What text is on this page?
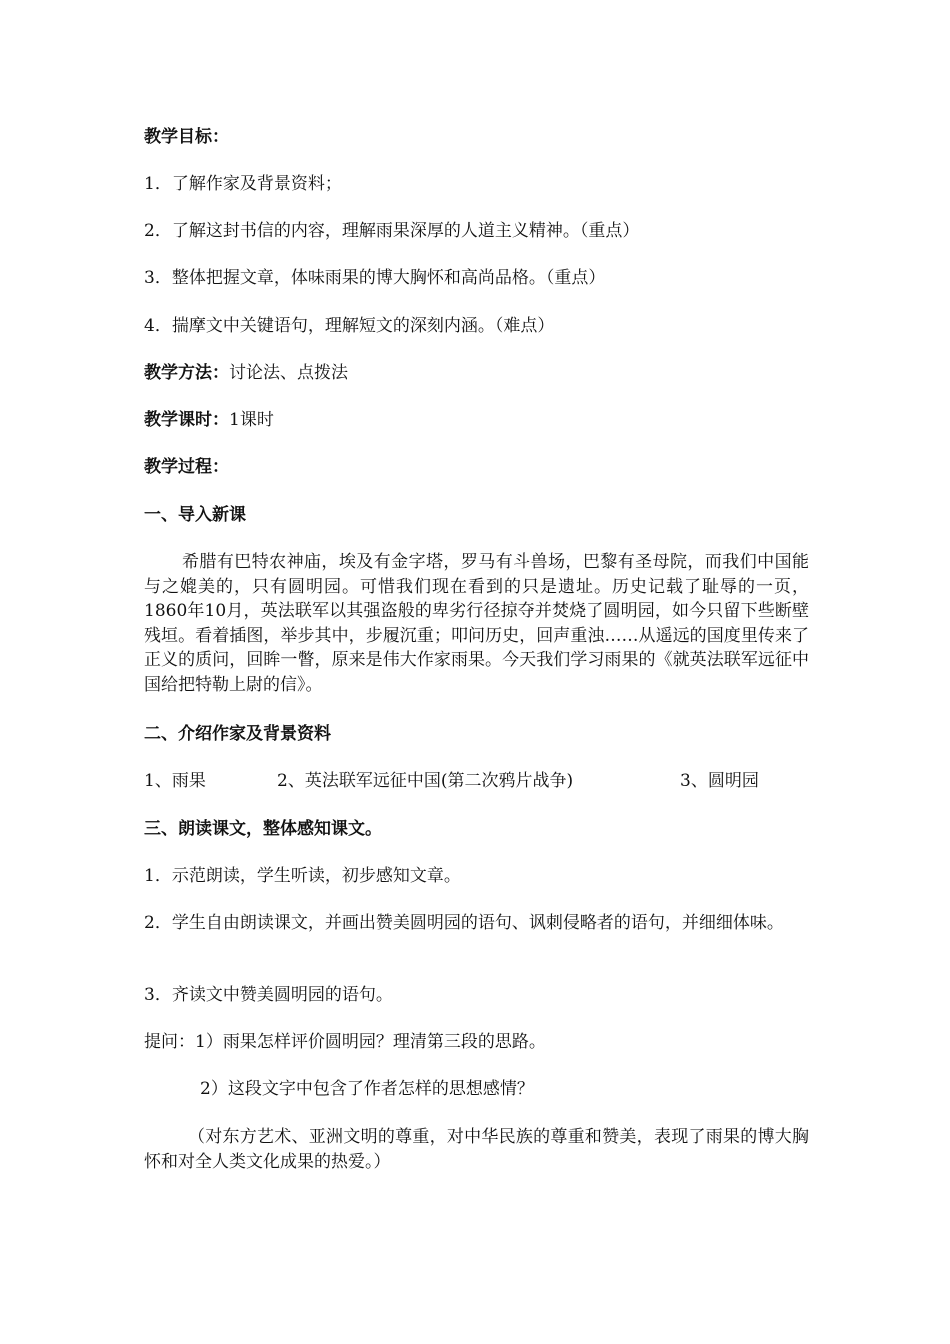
教学目标：
1．了解作家及背景资料；
2．了解这封书信的内容，理解雨果深厚的人道主义精神。（重点）
3．整体把握文章，体味雨果的博大胸怀和高尚品格。（重点）
4．揣摩文中关键语句，理解短文的深刻内涵。（难点）
教学方法：讨论法、点拨法
教学课时：1课时
教学过程：
一、导入新课
希腊有巴特农神庙，埃及有金字塔，罗马有斗兽场，巴黎有圣母院，而我们中国能与之媲美的，只有圆明园。可惜我们现在看到的只是遗址。历史记载了耻辱的一页，1860年10月，英法联军以其强盗般的卑劣行径掠夺并焚烧了圆明园，如今只留下些断壁残垣。看着插图，举步其中，步履沉重；叩问历史，回声重浊……从遥远的国度里传来了正义的质问，回眸一瞥，原来是伟大作家雨果。今天我们学习雨果的《就英法联军远征中国给把特勒上尉的信》。
二、介绍作家及背景资料
1、雨果	2、英法联军远征中国(第二次鸦片战争)	3、圆明园
三、朗读课文，整体感知课文。
1．示范朗读，学生听读，初步感知文章。
2．学生自由朗读课文，并画出赞美圆明园的语句、讽刺侵略者的语句，并细细体味。
3．齐读文中赞美圆明园的语句。
提问：1）雨果怎样评价圆明园？理清第三段的思路。
2）这段文字中包含了作者怎样的思想感情？
（对东方艺术、亚洲文明的尊重，对中华民族的尊重和赞美，表现了雨果的博大胸怀和对全人类文化成果的热爱。）
